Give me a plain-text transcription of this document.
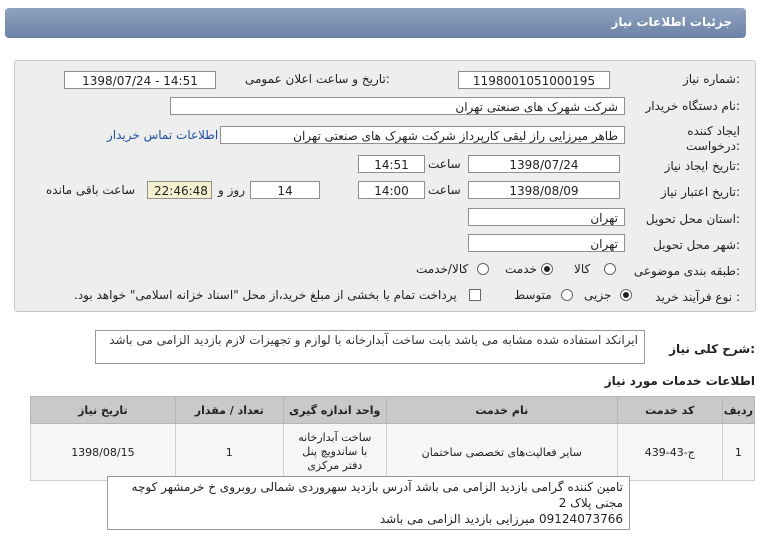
جزئیات اطلاعات نیاز
شماره نیاز:
1198001051000195
تاریخ و ساعت اعلان عمومی:
1398/07/24 - 14:51
نام دستگاه خریدار:
شرکت شهرک های صنعتی تهران
ایجاد کننده
درخواست:
طاهر میرزایی راز لیقی کارپرداز شرکت شهرک های صنعتی تهران
اطلاعات تماس خریدار
تاریخ ایجاد نیاز:
1398/07/24
ساعت
14:51
تاریخ اعتبار نیاز:
1398/08/09
ساعت
14:00
14
روز و
22:46:48
ساعت باقی مانده
استان محل تحویل:
تهران
شهر محل تحویل:
تهران
طبقه بندی موضوعی:
کالا
خدمت
کالا/خدمت
نوع فرآیند خرید :
جزیی
متوسط
پرداخت تمام یا بخشی از مبلغ خرید،از محل "اسناد خزانه اسلامی" خواهد بود.
شرح کلی نیاز:
ایرانکد استفاده شده مشابه می باشد بابت ساخت آبدارخانه با لوازم و تجهیزات لازم بازدید الزامی می باشد
اطلاعات خدمات مورد نیاز
ردیف	کد خدمت	نام خدمت	واحد اندازه گیری	تعداد / مقدار	تاریخ نیاز
1	ج-43-439	سایر فعالیت‌های تخصصی ساختمان	ساخت آبدارخانه با ساندویچ پنل دفتر مرکزی	1	1398/08/15
تامین کننده گرامی بازدید الزامی می باشد آدرس بازدید سهروردی شمالی روبروی خ خرمشهر کوچه
مجنی پلاک 2
09124073766 میرزایی بازدید الزامی می باشد
